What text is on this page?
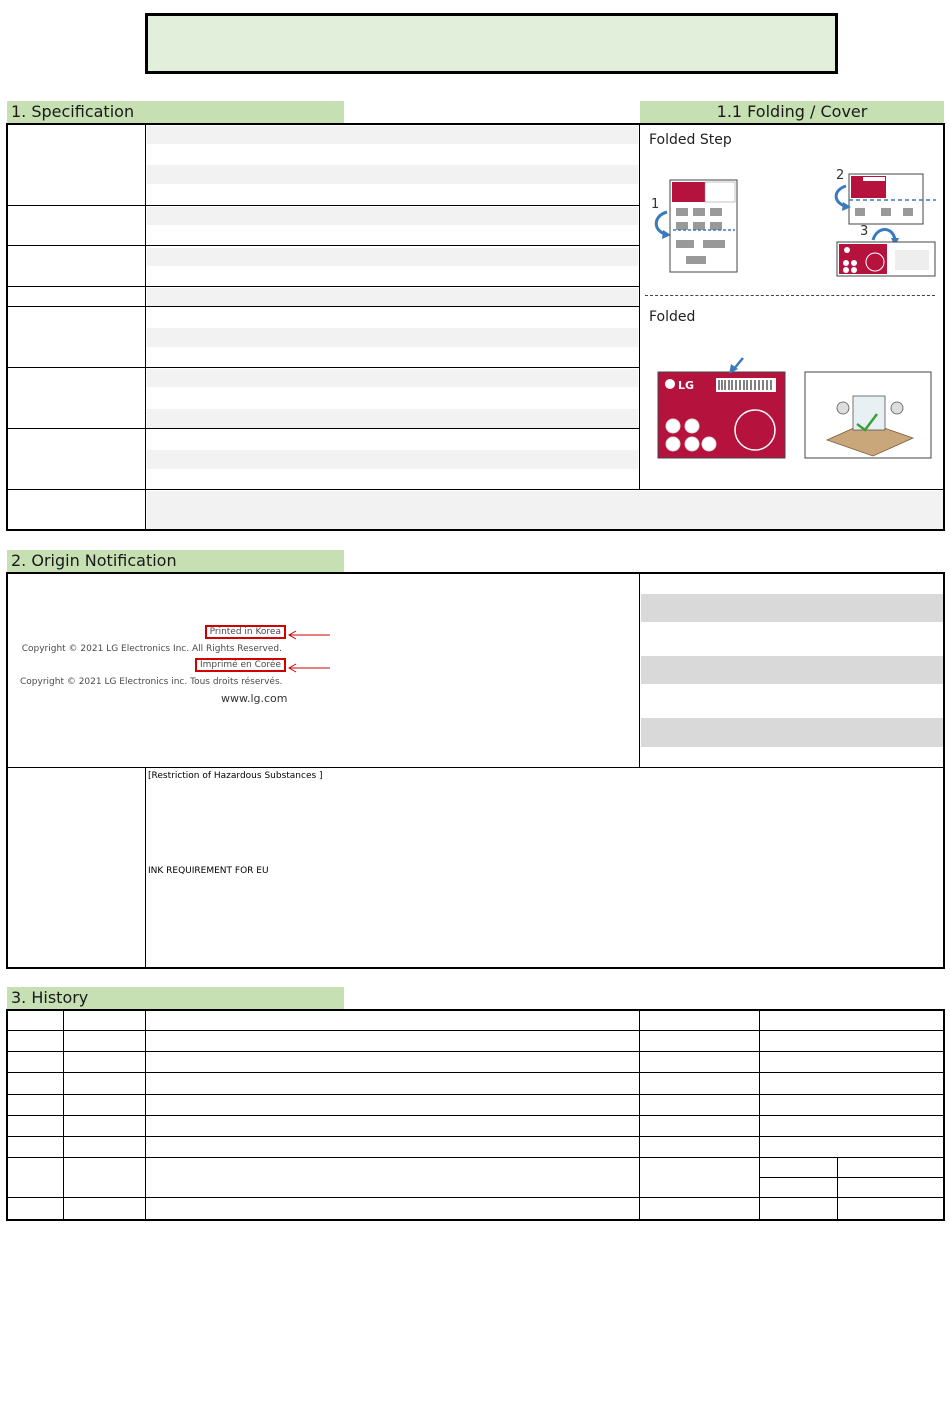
1. Specification	1.1 Folding / Cover
Folded Step
Folded
1
2
3
LG
2. Origin Notification
Printed in Korea
Copyright © 2021 LG Electronics Inc. All Rights Reserved.
Imprimé en Corée
Copyright © 2021 LG Electronics inc. Tous droits réservés.
www.lg.com
[Restriction of Hazardous Substances ]
INK REQUIREMENT FOR EU
3. History
